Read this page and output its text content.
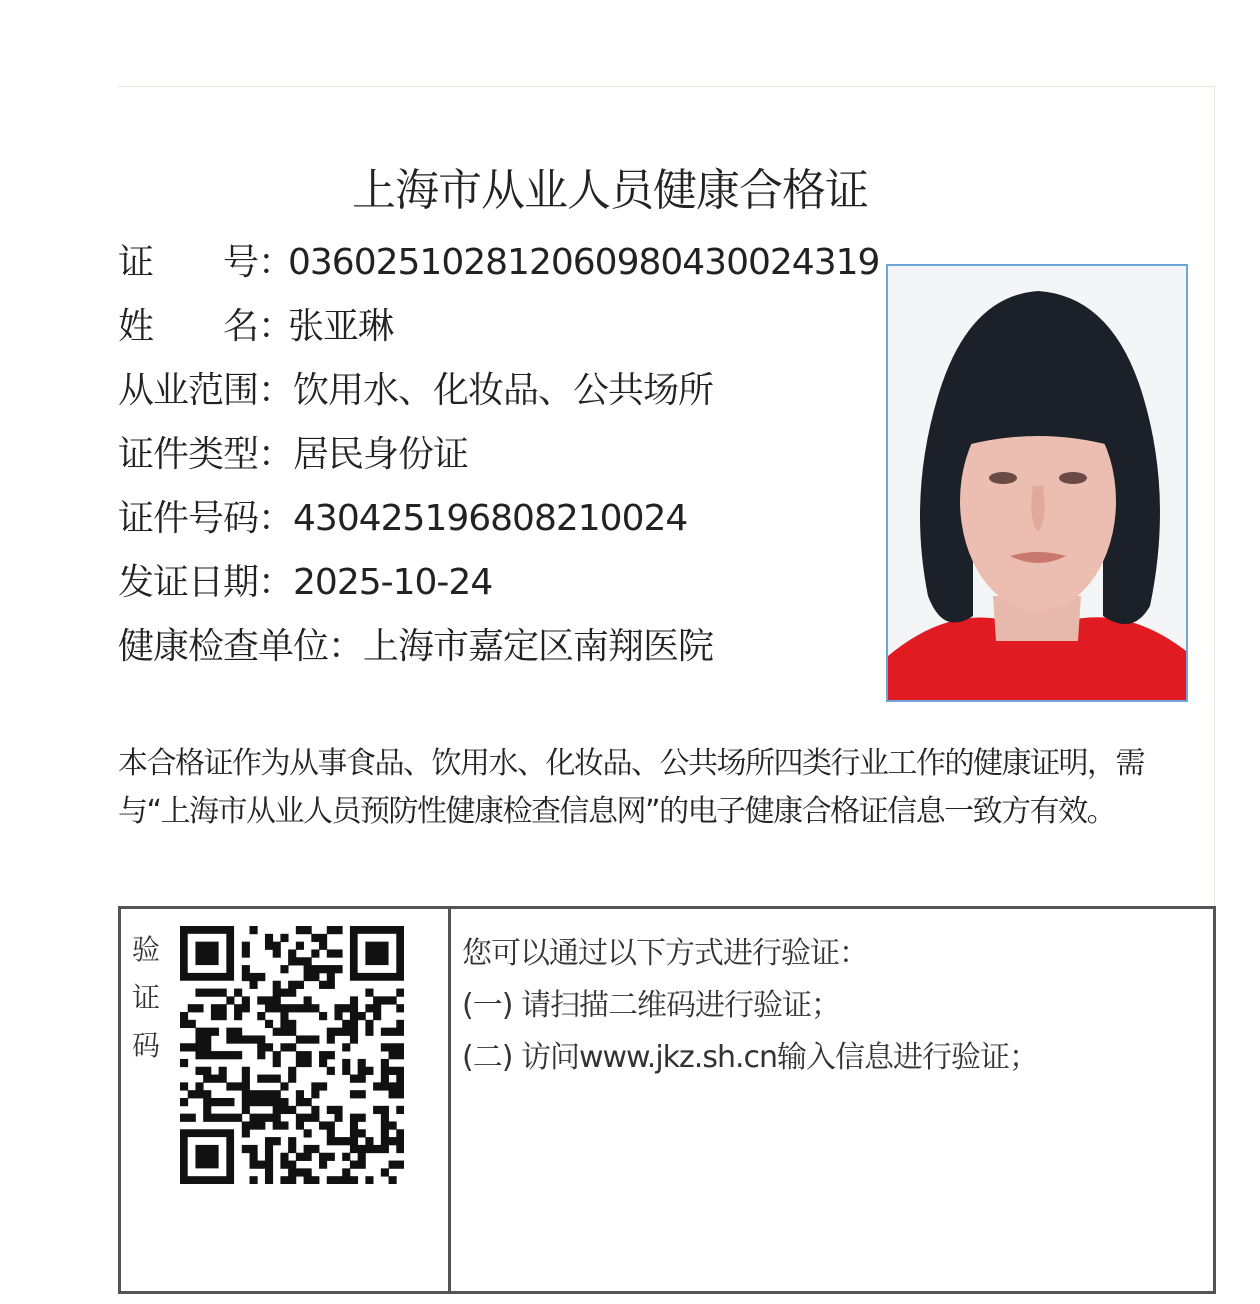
上海市从业人员健康合格证
证　　号：036025102812060980430024319
姓　　名：张亚琳
从业范围：饮用水、化妆品、公共场所
证件类型：居民身份证
证件号码：430425196808210024
发证日期：2025-10-24
健康检查单位：上海市嘉定区南翔医院
本合格证作为从事食品、饮用水、化妆品、公共场所四类行业工作的健康证明，需 与“上海市从业人员预防性健康检查信息网”的电子健康合格证信息一致方有效。
验
证
码
您可以通过以下方式进行验证：
(一) 请扫描二维码进行验证；
(二) 访问www.jkz.sh.cn输入信息进行验证；
